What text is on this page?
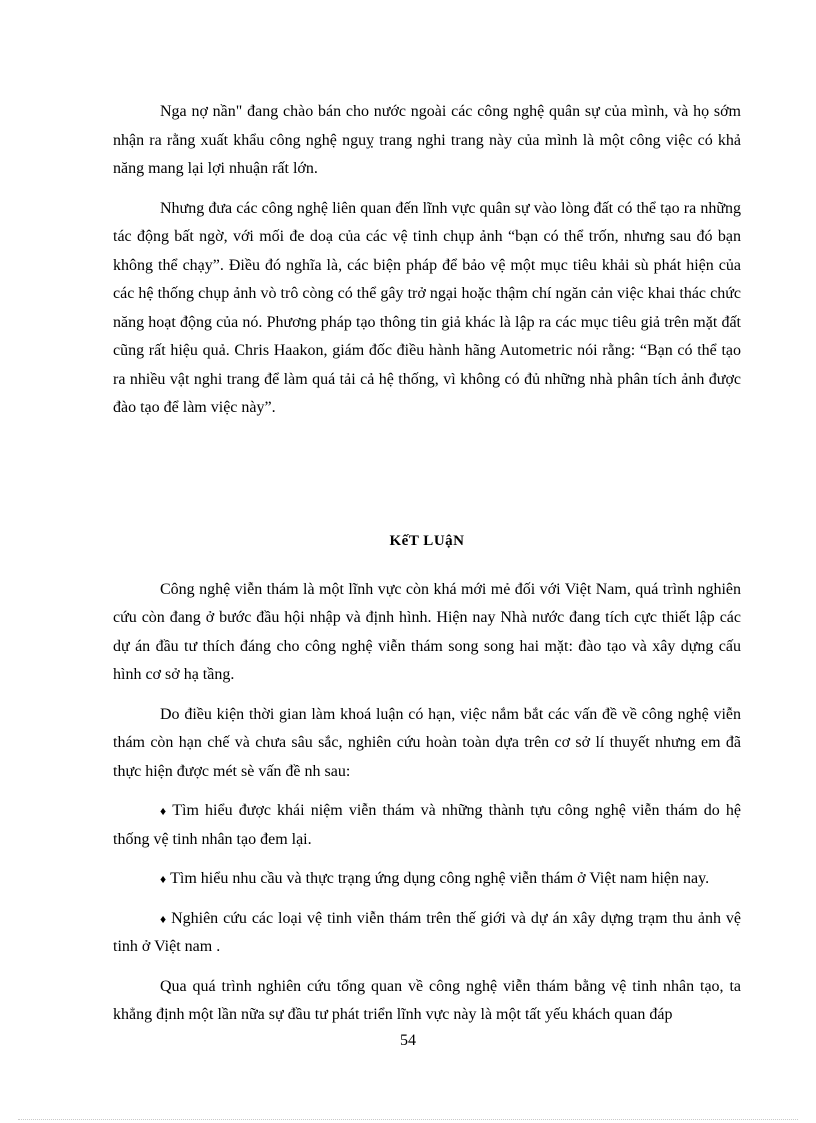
Nga nợ nần" đang chào bán cho nước ngoài các công nghệ quân sự của mình, và họ sớm nhận ra rằng xuất khẩu công nghệ nguỵ trang nghi trang này của mình là một công việc có khả năng mang lại lợi nhuận rất lớn.

Nhưng đưa các công nghệ liên quan đến lĩnh vực quân sự vào lòng đất có thể tạo ra những tác động bất ngờ, với mối đe doạ của các vệ tinh chụp ảnh “bạn có thể trốn, nhưng sau đó bạn không thể chạy”. Điều đó nghĩa là, các biện pháp để bảo vệ một mục tiêu khải sù phát hiện của các hệ thống chụp ảnh vò trô còng có thể gây trở ngại hoặc thậm chí ngăn cản việc khai thác chức năng hoạt động của nó. Phương pháp tạo thông tin giả khác là lập ra các mục tiêu giả trên mặt đất cũng rất hiệu quả. Chris Haakon, giám đốc điều hành hãng Autometric nói rằng: “Bạn có thể tạo ra nhiều vật nghi trang để làm quá tải cả hệ thống, vì không có đủ những nhà phân tích ảnh được đào tạo để làm việc này”.

KếT LUậN

Công nghệ viễn thám là một lĩnh vực còn khá mới mẻ đối với Việt Nam, quá trình nghiên cứu còn đang ở bước đầu hội nhập và định hình. Hiện nay Nhà nước đang tích cực thiết lập các dự án đầu tư thích đáng cho công nghệ viễn thám song song hai mặt: đào tạo và xây dựng cấu hình cơ sở hạ tầng.

Do điều kiện thời gian làm khoá luận có hạn, việc nắm bắt các vấn đề về công nghệ viễn thám còn hạn chế và chưa sâu sắc, nghiên cứu hoàn toàn dựa trên cơ sở lí thuyết nhưng em đã thực hiện được mét sè vấn đề nh sau:

♦ Tìm hiểu được khái niệm viễn thám và những thành tựu công nghệ viễn thám do hệ thống vệ tinh nhân tạo đem lại.

♦ Tìm hiểu nhu cầu và thực trạng ứng dụng công nghệ viễn thám ở Việt nam hiện nay.

♦ Nghiên cứu các loại vệ tinh viễn thám trên thế giới và dự án xây dựng trạm thu ảnh vệ tinh ở Việt nam .

Qua quá trình nghiên cứu tổng quan về công nghệ viễn thám bằng vệ tinh nhân tạo, ta khẳng định một lần nữa sự đầu tư phát triển lĩnh vực này là một tất yếu khách quan đáp

54
